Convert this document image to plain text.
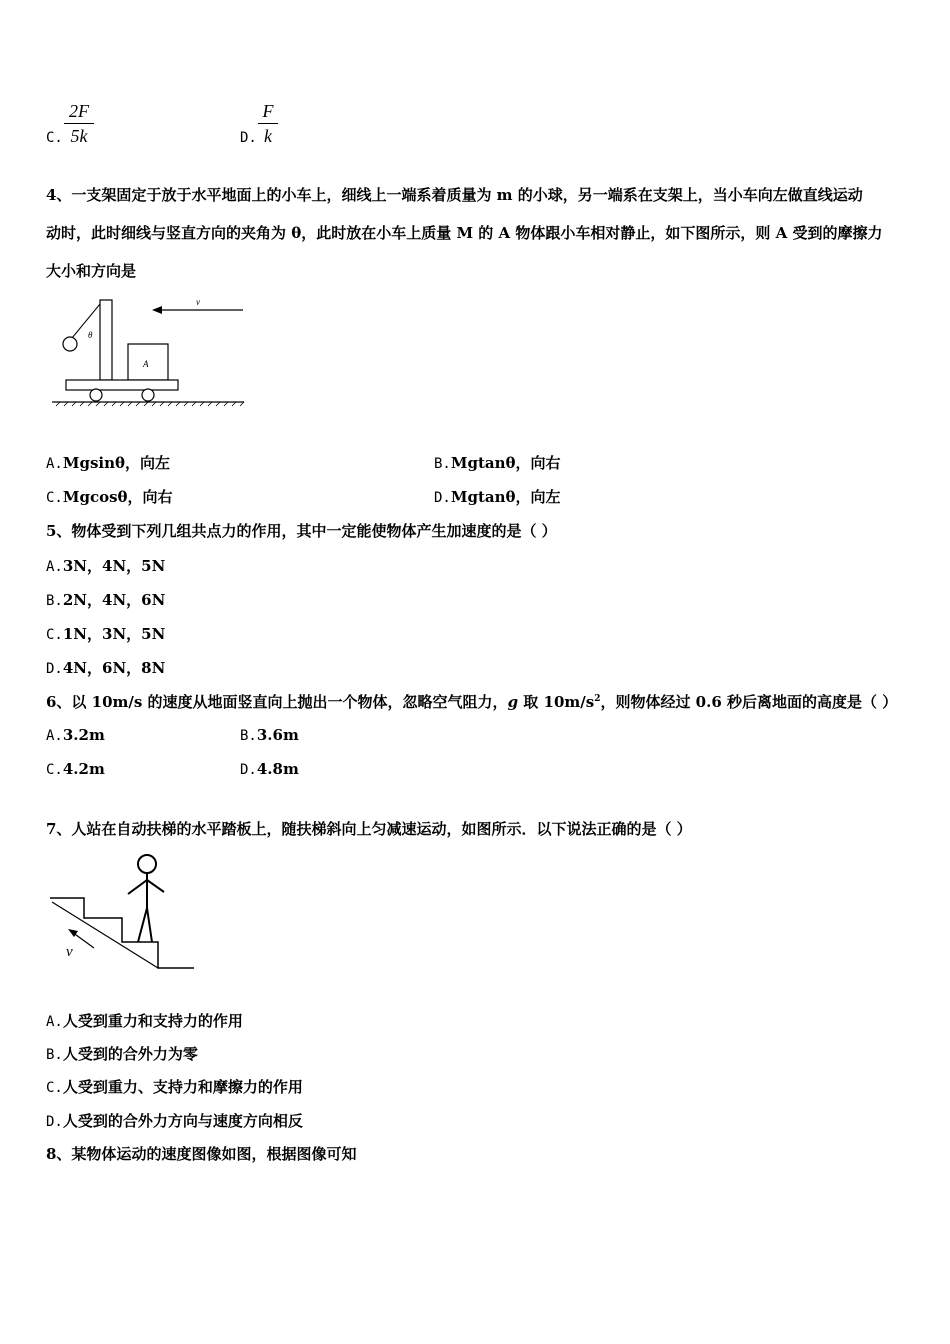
C.
2F
5k	D.
F
k
4、一支架固定于放于水平地面上的小车上，细线上一端系着质量为 m 的小球，另一端系在支架上，当小车向左做直线运动
动时，此时细线与竖直方向的夹角为 θ，此时放在小车上质量 M 的 A 物体跟小车相对静止，如下图所示，则 A 受到的摩擦力
大小和方向是
v
θ
A
A.Mgsinθ，向左	B.Mgtanθ，向右
C.Mgcosθ，向右	D.Mgtanθ，向左
5、物体受到下列几组共点力的作用，其中一定能使物体产生加速度的是（ ）
A.3N，4N，5N
B.2N，4N，6N
C.1N，3N，5N
D.4N，6N，8N
6、以 10m/s 的速度从地面竖直向上抛出一个物体，忽略空气阻力，g 取 $10m/s^2$，则物体经过 0.6 秒后离地面的高度是（ ）
A.3.2m	B.3.6m
C.4.2m	D.4.8m
7、人站在自动扶梯的水平踏板上，随扶梯斜向上匀减速运动，如图所示．以下说法正确的是（ ）
v
A.人受到重力和支持力的作用
B.人受到的合外力为零
C.人受到重力、支持力和摩擦力的作用
D.人受到的合外力方向与速度方向相反
8、某物体运动的速度图像如图，根据图像可知
